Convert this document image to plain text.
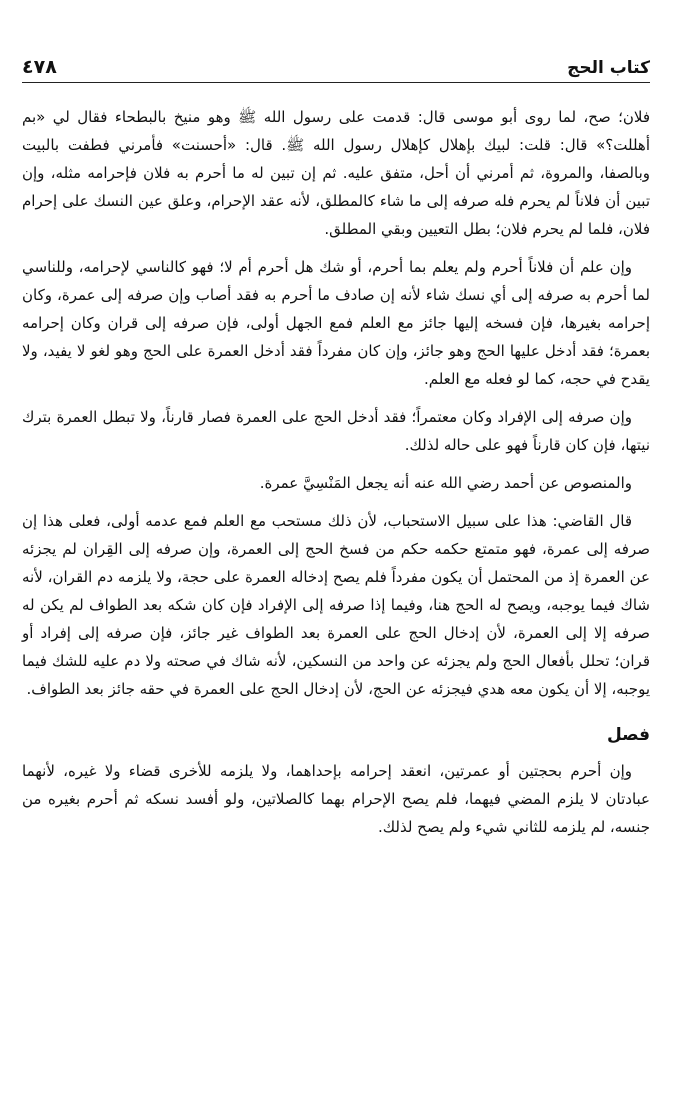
كتاب الحج
٤٧٨

فلان؛ صح، لما روى أبو موسى قال: قدمت على رسول الله ﷺ وهو منيخ بالبطحاء فقال لي «بم أهللت؟» قال: قلت: لبيك بإهلال كإهلال رسول الله ﷺ. قال: «أحسنت» فأمرني فطفت بالبيت وبالصفا، والمروة، ثم أمرني أن أحل، متفق عليه. ثم إن تبين له ما أحرم به فلان فإحرامه مثله، وإن تبين أن فلاناً لم يحرم فله صرفه إلى ما شاء كالمطلق، لأنه عقد الإحرام، وعلق عين النسك على إحرام فلان، فلما لم يحرم فلان؛ بطل التعيين وبقي المطلق.

وإن علم أن فلاناً أحرم ولم يعلم بما أحرم، أو شك هل أحرم أم لا؛ فهو كالناسي لإحرامه، وللناسي لما أحرم به صرفه إلى أي نسك شاء لأنه إن صادف ما أحرم به فقد أصاب وإن صرفه إلى عمرة، وكان إحرامه بغيرها، فإن فسخه إليها جائز مع العلم فمع الجهل أولى، فإن صرفه إلى قران وكان إحرامه بعمرة؛ فقد أدخل عليها الحج وهو جائز، وإن كان مفرداً فقد أدخل العمرة على الحج وهو لغو لا يفيد، ولا يقدح في حجه، كما لو فعله مع العلم.

وإن صرفه إلى الإفراد وكان معتمراً؛ فقد أدخل الحج على العمرة فصار قارناً، ولا تبطل العمرة بترك نيتها، فإن كان قارناً فهو على حاله لذلك.

والمنصوص عن أحمد رضي الله عنه أنه يجعل المَنْسِيَّ عمرة.

قال القاضي: هذا على سبيل الاستحباب، لأن ذلك مستحب مع العلم فمع عدمه أولى، فعلى هذا إن صرفه إلى عمرة، فهو متمتع حكمه حكم من فسخ الحج إلى العمرة، وإن صرفه إلى القِران لم يجزئه عن العمرة إذ من المحتمل أن يكون مفرداً فلم يصح إدخاله العمرة على حجة، ولا يلزمه دم القران، لأنه شاك فيما يوجبه، ويصح له الحج هنا، وفيما إذا صرفه إلى الإفراد فإن كان شكه بعد الطواف لم يكن له صرفه إلا إلى العمرة، لأن إدخال الحج على العمرة بعد الطواف غير جائز، فإن صرفه إلى إفراد أو قران؛ تحلل بأفعال الحج ولم يجزئه عن واحد من النسكين، لأنه شاك في صحته ولا دم عليه للشك فيما يوجبه، إلا أن يكون معه هدي فيجزئه عن الحج، لأن إدخال الحج على العمرة في حقه جائز بعد الطواف.

فصل

وإن أحرم بحجتين أو عمرتين، انعقد إحرامه بإحداهما، ولا يلزمه للأخرى قضاء ولا غيره، لأنهما عبادتان لا يلزم المضي فيهما، فلم يصح الإحرام بهما كالصلاتين، ولو أفسد نسكه ثم أحرم بغيره من جنسه، لم يلزمه للثاني شيء ولم يصح لذلك.
